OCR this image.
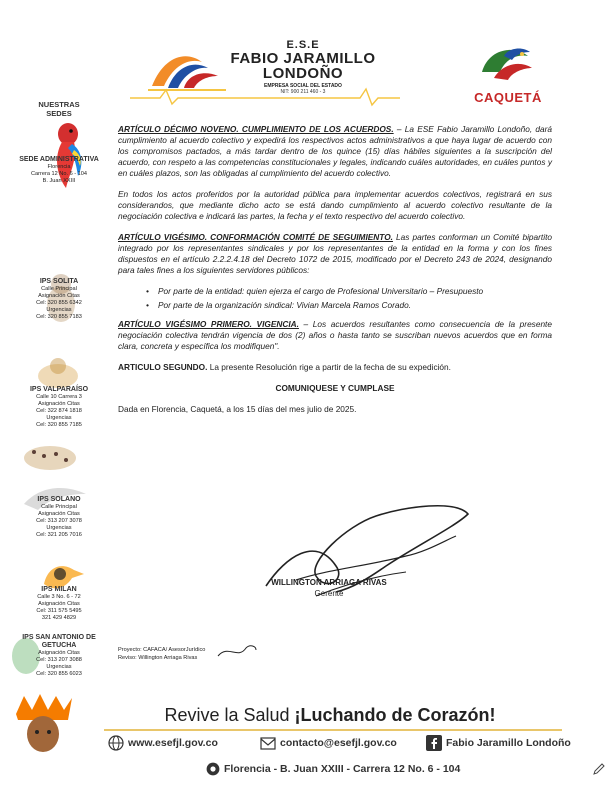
E.S.E
FABIO JARAMILLO
LONDOÑO
EMPRESA SOCIAL DEL ESTADO
NIT: 900 211 460 - 3	CAQUETÁ
NUESTRAS
SEDES
SEDE ADMINISTRATIVA
Florencia
Carrera 12 No. 6 - 104
B. Juan XXIII
IPS SOLITA
Calle Principal
Asignación Citas
Cel: 320 855 6342
Urgencias
Cel: 320 855 7183
IPS VALPARAÍSO
Calle 10 Carrera 3
Asignación Citas
Cel: 322 874 1818
Urgencias
Cel: 320 855 7185
IPS SOLANO
Calle Principal
Asignación Citas
Cel: 313 207 3078
Urgencias
Cel: 321 205 7016
IPS MILAN
Calle 3 No. 6 - 72
Asignación Citas
Cel: 311 575 5495
321 429 4829
IPS SAN ANTONIO DE GETUCHA
Asignación Citas
Cel: 313 207 3088
Urgencias
Cel: 320 855 6023

ARTÍCULO DÉCIMO NOVENO. CUMPLIMIENTO DE LOS ACUERDOS. – La ESE Fabio Jaramillo Londoño, dará cumplimiento al acuerdo colectivo y expedirá los respectivos actos administrativos a que haya lugar de acuerdo con los compromisos pactados, a más tardar dentro de los quince (15) días hábiles siguientes a la suscripción del acuerdo, con respeto a las competencias constitucionales y legales, indicando cuáles autoridades, en cuáles puntos y en cuáles plazos, son las obligadas al cumplimiento del acuerdo colectivo.

En todos los actos proferidos por la autoridad pública para implementar acuerdos colectivos, registrará en sus considerandos, que mediante dicho acto se está dando cumplimiento al acuerdo colectivo resultante de la negociación colectiva e indicará las partes, la fecha y el texto respectivo del acuerdo colectivo.

ARTÍCULO VIGÉSIMO. CONFORMACIÓN COMITÉ DE SEGUIMIENTO. Las partes conforman un Comité bipartito integrado por los representantes sindicales y por los representantes de la entidad en la forma y con los fines dispuestos en el artículo 2.2.2.4.18 del Decreto 1072 de 2015, modificado por el Decreto 243 de 2024, designando para tales fines a los siguientes servidores públicos:

• Por parte de la entidad: quien ejerza el cargo de Profesional Universitario – Presupuesto
• Por parte de la organización sindical: Vivian Marcela Ramos Corado.

ARTÍCULO VIGÉSIMO PRIMERO. VIGENCIA. – Los acuerdos resultantes como consecuencia de la presente negociación colectiva tendrán vigencia de dos (2) años o hasta tanto se suscriban nuevos acuerdos que en forma clara, concreta y específica los modifiquen".

ARTICULO SEGUNDO. La presente Resolución rige a partir de la fecha de su expedición.

COMUNIQUESE Y CUMPLASE

Dada en Florencia, Caquetá, a los 15 días del mes julio de 2025.

WILLINGTON ARRIAGA RIVAS
Gerente
Proyecto: CAFACA/ AsesorJurídico
Reviso: Willington Arriaga Rivas
Revive la Salud ¡Luchando de Corazón!
www.esefjl.gov.co	contacto@esefjl.gov.co	Fabio Jaramillo Londoño
Florencia - B. Juan XXIII - Carrera 12 No. 6 - 104
